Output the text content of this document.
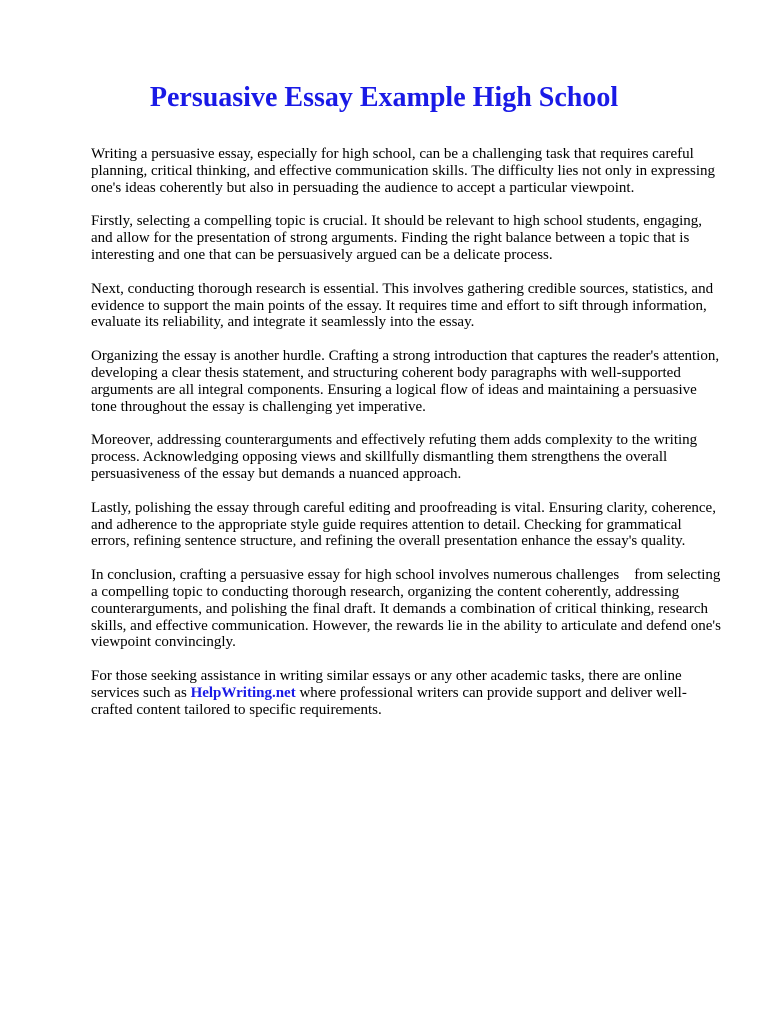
Persuasive Essay Example High School

Writing a persuasive essay, especially for high school, can be a challenging task that requires careful planning, critical thinking, and effective communication skills. The difficulty lies not only in expressing one's ideas coherently but also in persuading the audience to accept a particular viewpoint.

Firstly, selecting a compelling topic is crucial. It should be relevant to high school students, engaging, and allow for the presentation of strong arguments. Finding the right balance between a topic that is interesting and one that can be persuasively argued can be a delicate process.

Next, conducting thorough research is essential. This involves gathering credible sources, statistics, and evidence to support the main points of the essay. It requires time and effort to sift through information, evaluate its reliability, and integrate it seamlessly into the essay.

Organizing the essay is another hurdle. Crafting a strong introduction that captures the reader's attention, developing a clear thesis statement, and structuring coherent body paragraphs with well-supported arguments are all integral components. Ensuring a logical flow of ideas and maintaining a persuasive tone throughout the essay is challenging yet imperative.

Moreover, addressing counterarguments and effectively refuting them adds complexity to the writing process. Acknowledging opposing views and skillfully dismantling them strengthens the overall persuasiveness of the essay but demands a nuanced approach.

Lastly, polishing the essay through careful editing and proofreading is vital. Ensuring clarity, coherence, and adherence to the appropriate style guide requires attention to detail. Checking for grammatical errors, refining sentence structure, and refining the overall presentation enhance the essay's quality.

In conclusion, crafting a persuasive essay for high school involves numerous challenges    from selecting a compelling topic to conducting thorough research, organizing the content coherently, addressing counterarguments, and polishing the final draft. It demands a combination of critical thinking, research skills, and effective communication. However, the rewards lie in the ability to articulate and defend one's viewpoint convincingly.

For those seeking assistance in writing similar essays or any other academic tasks, there are online services such as HelpWriting.net where professional writers can provide support and deliver well-crafted content tailored to specific requirements.
